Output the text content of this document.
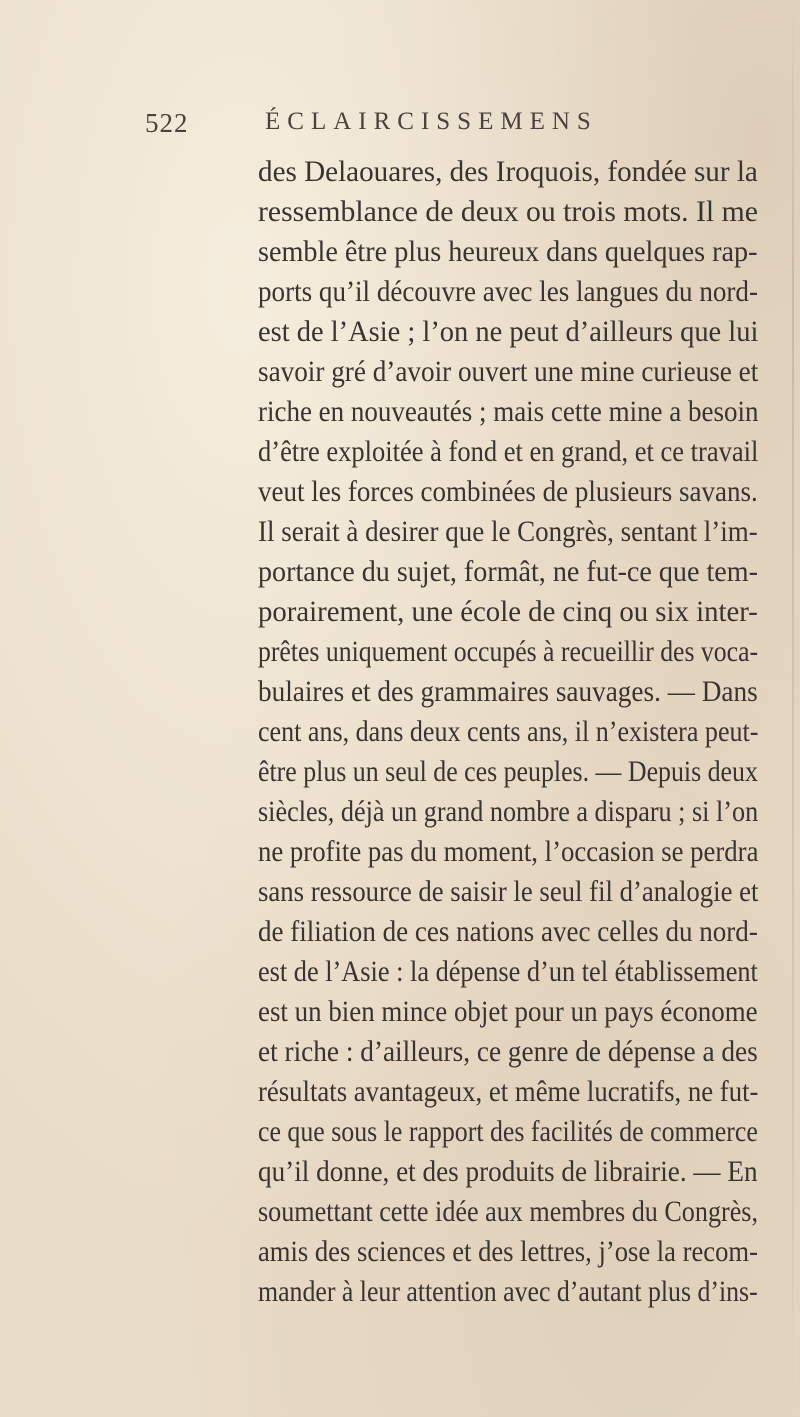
522	ÉCLAIRCISSEMENS
des Delaouares, des Iroquois, fondée sur la
ressemblance de deux ou trois mots. Il me
semble être plus heureux dans quelques rap-
ports qu’il découvre avec les langues du nord-
est de l’Asie ; l’on ne peut d’ailleurs que lui
savoir gré d’avoir ouvert une mine curieuse et
riche en nouveautés ; mais cette mine a besoin
d’être exploitée à fond et en grand, et ce travail
veut les forces combinées de plusieurs savans.
Il serait à desirer que le Congrès, sentant l’im-
portance du sujet, formât, ne fut-ce que tem-
porairement, une école de cinq ou six inter-
prêtes uniquement occupés à recueillir des voca-
bulaires et des grammaires sauvages. — Dans
cent ans, dans deux cents ans, il n’existera peut-
être plus un seul de ces peuples. — Depuis deux
siècles, déjà un grand nombre a disparu ; si l’on
ne profite pas du moment, l’occasion se perdra
sans ressource de saisir le seul fil d’analogie et
de filiation de ces nations avec celles du nord-
est de l’Asie : la dépense d’un tel établissement
est un bien mince objet pour un pays économe
et riche : d’ailleurs, ce genre de dépense a des
résultats avantageux, et même lucratifs, ne fut-
ce que sous le rapport des facilités de commerce
qu’il donne, et des produits de librairie. — En
soumettant cette idée aux membres du Congrès,
amis des sciences et des lettres, j’ose la recom-
mander à leur attention avec d’autant plus d’ins-
